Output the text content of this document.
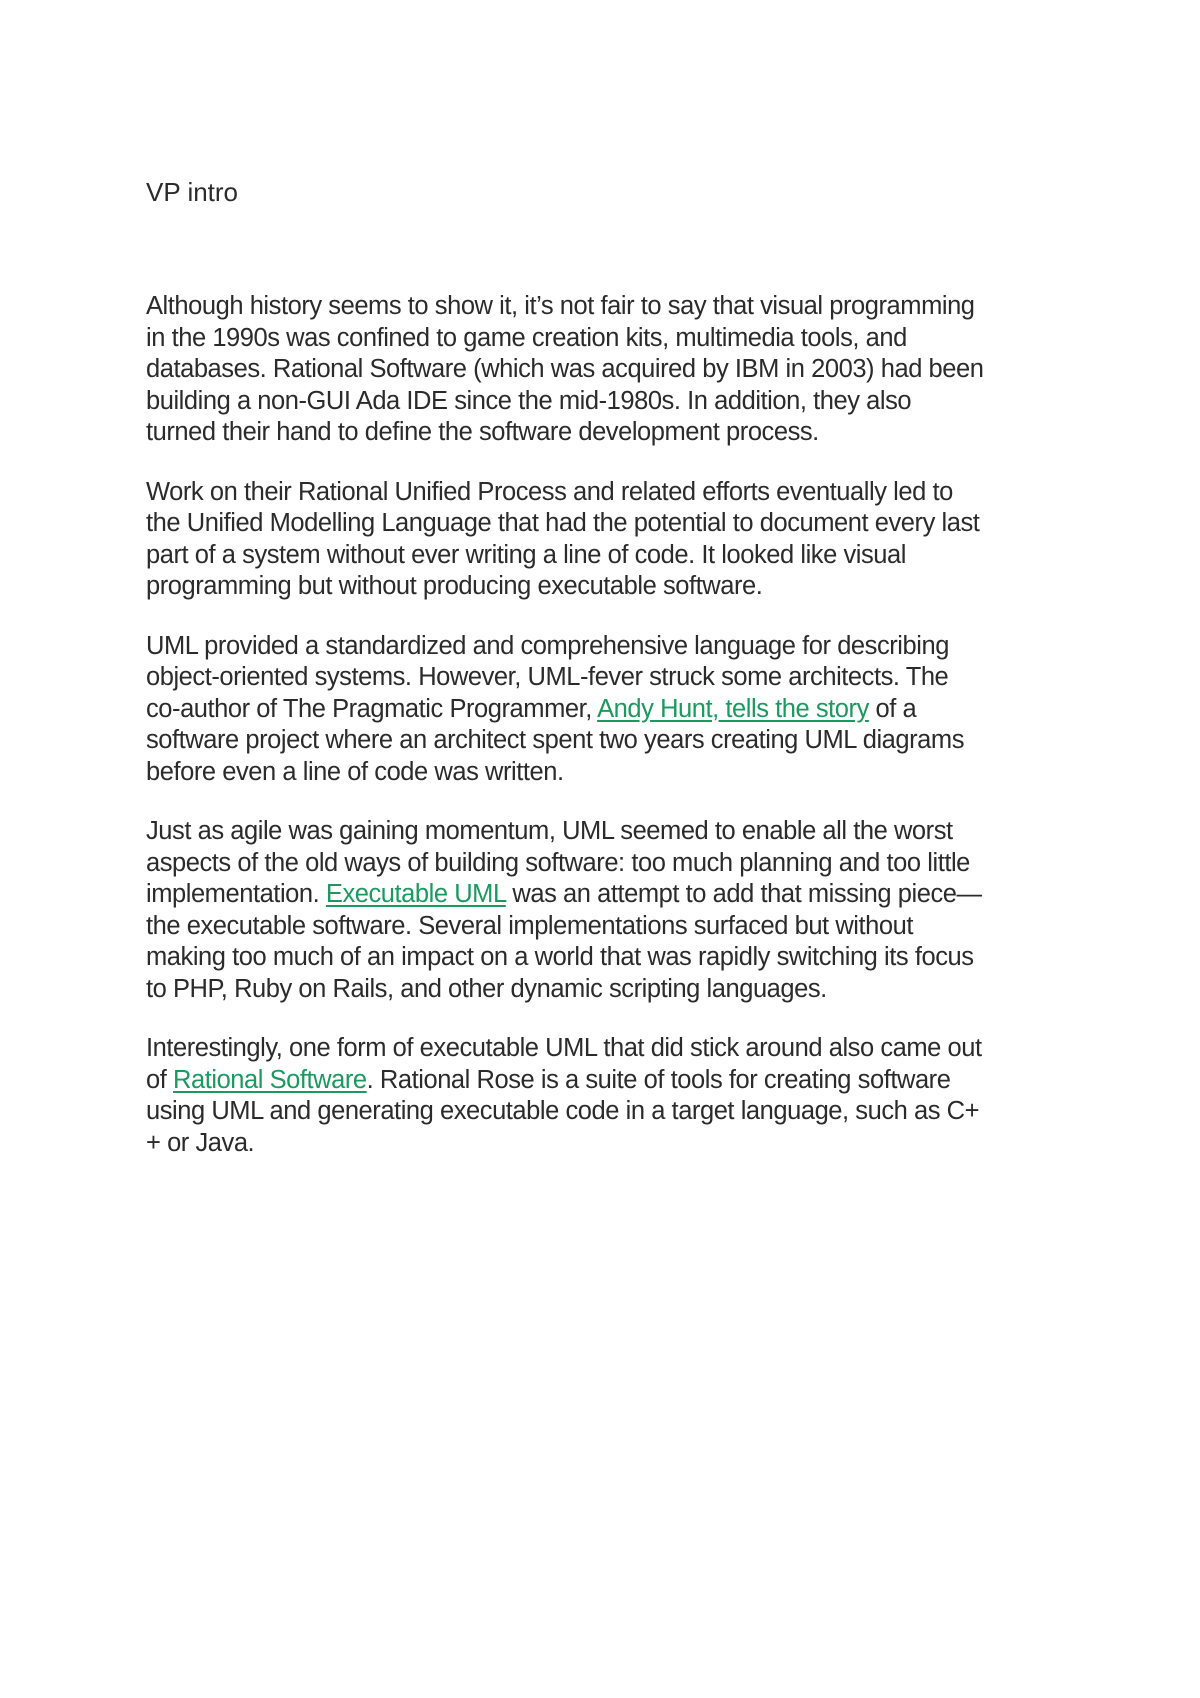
VP intro

Although history seems to show it, it’s not fair to say that visual programming
in the 1990s was confined to game creation kits, multimedia tools, and
databases. Rational Software (which was acquired by IBM in 2003) had been
building a non-GUI Ada IDE since the mid-1980s. In addition, they also
turned their hand to define the software development process.

Work on their Rational Unified Process and related efforts eventually led to
the Unified Modelling Language that had the potential to document every last
part of a system without ever writing a line of code. It looked like visual
programming but without producing executable software.

UML provided a standardized and comprehensive language for describing
object-oriented systems. However, UML-fever struck some architects. The
co-author of The Pragmatic Programmer, Andy Hunt, tells the story of a
software project where an architect spent two years creating UML diagrams
before even a line of code was written.

Just as agile was gaining momentum, UML seemed to enable all the worst
aspects of the old ways of building software: too much planning and too little
implementation. Executable UML was an attempt to add that missing piece—
the executable software. Several implementations surfaced but without
making too much of an impact on a world that was rapidly switching its focus
to PHP, Ruby on Rails, and other dynamic scripting languages.

Interestingly, one form of executable UML that did stick around also came out
of Rational Software. Rational Rose is a suite of tools for creating software
using UML and generating executable code in a target language, such as C+
+ or Java.
